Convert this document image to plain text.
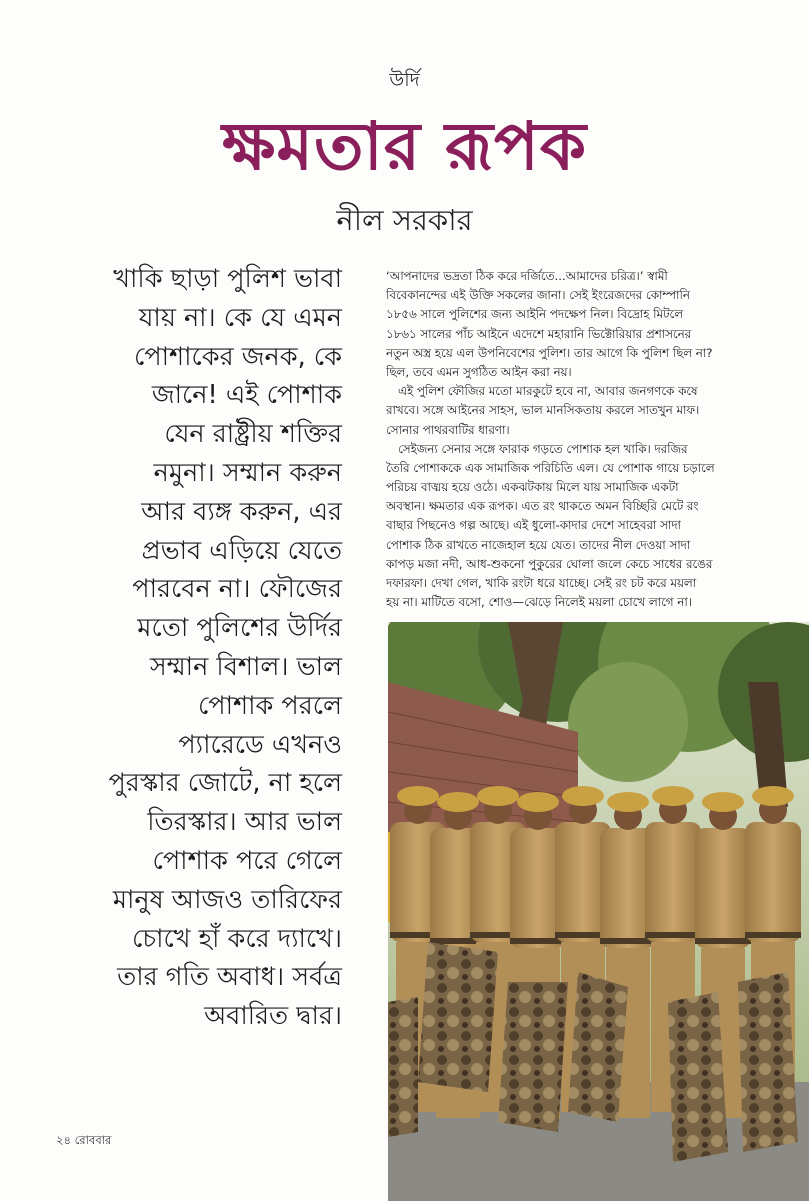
উর্দি
ক্ষমতার রূপক
নীল সরকার
খাকি ছাড়া পুলিশ ভাবা
যায় না। কে যে এমন
পোশাকের জনক, কে
জানে! এই পোশাক
যেন রাষ্ট্রীয় শক্তির
নমুনা। সম্মান করুন
আর ব্যঙ্গ করুন, এর
প্রভাব এড়িয়ে যেতে
পারবেন না। ফৌজের
মতো পুলিশের উর্দির
সম্মান বিশাল। ভাল
পোশাক পরলে
প্যারেডে এখনও
পুরস্কার জোটে, না হলে
তিরস্কার। আর ভাল
পোশাক পরে গেলে
মানুষ আজও তারিফের
চোখে হাঁ করে দ্যাখে।
তার গতি অবাধ। সর্বত্র
অবারিত দ্বার।
‘আপনাদের ভদ্রতা ঠিক করে দর্জিতে...আমাদের চরিত্র।’ স্বামী
বিবেকানন্দের এই উক্তি সকলের জানা। সেই ইংরেজদের কোম্পানি
১৮৫৬ সালে পুলিশের জন্য আইনি পদক্ষেপ নিল। বিদ্রোহ মিটলে
১৮৬১ সালের পাঁচ আইনে এদেশে মহারানি ভিক্টোরিয়ার প্রশাসনের
নতুন অস্ত্র হয়ে এল উপনিবেশের পুলিশ। তার আগে কি পুলিশ ছিল না?
ছিল, তবে এমন সুগঠিত আইন করা নয়।
এই পুলিশ ফৌজির মতো মারকুটে হবে না, আবার জনগণকে কষে
রাখবে। সঙ্গে আইনের সাহস, ভাল মানসিকতায় করলে সাতখুন মাফ।
সোনার পাথরবাটির ধারণা।
সেইজন্য সেনার সঙ্গে ফারাক গড়তে পোশাক হল খাকি। দরজির
তৈরি পোশাককে এক সামাজিক পরিচিতি এল। যে পোশাক গায়ে চড়ালে
পরিচয় বাঙ্ময় হয়ে ওঠে। একঝটকায় মিলে যায় সামাজিক একটা
অবস্থান। ক্ষমতার এক রূপক। এত রং থাকতে অমন বিচ্ছিরি মেটে রং
বাছার পিছনেও গল্প আছে। এই ধুলো-কাদার দেশে সাহেবরা সাদা
পোশাক ঠিক রাখতে নাজেহাল হয়ে যেত। তাদের নীল দেওয়া সাদা
কাপড় মজা নদী, আধ-শুকনো পুকুরের ঘোলা জলে কেচে সাধের রঙের
দফারফা। দেখা গেল, খাকি রংটা ধরে যাচ্ছে। সেই রং চট করে ময়লা
হয় না। মাটিতে বসো, শোও—ঝেড়ে নিলেই ময়লা চোখে লাগে না।
২৪ রোববার
